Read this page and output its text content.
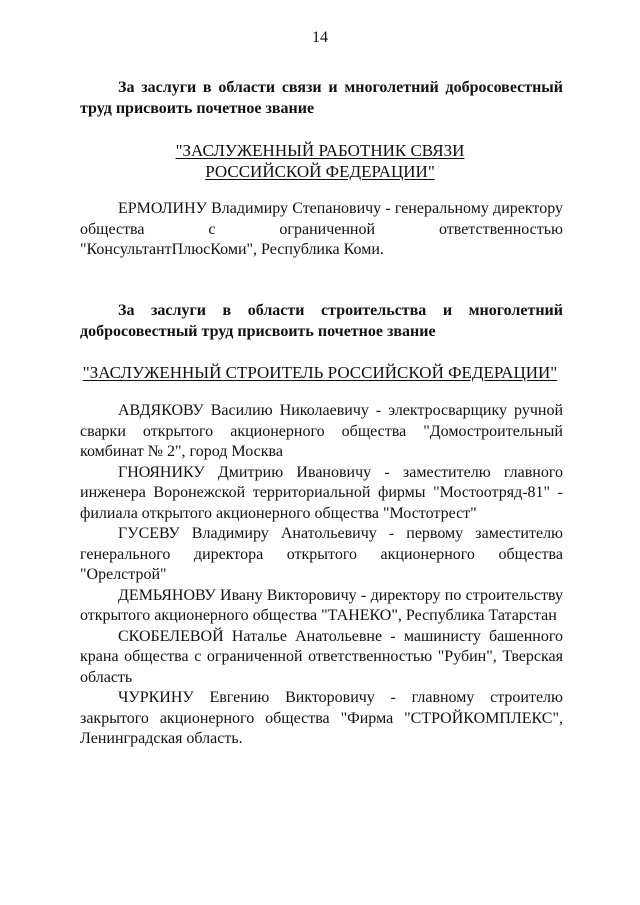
14
За заслуги в области связи и многолетний добросовестный труд присвоить почетное звание
"ЗАСЛУЖЕННЫЙ РАБОТНИК СВЯЗИ
РОССИЙСКОЙ ФЕДЕРАЦИИ"

ЕРМОЛИНУ Владимиру Степановичу - генеральному директору общества с ограниченной ответственностью "КонсультантПлюсКоми", Республика Коми.

За заслуги в области строительства и многолетний добросовестный труд присвоить почетное звание
"ЗАСЛУЖЕННЫЙ СТРОИТЕЛЬ РОССИЙСКОЙ ФЕДЕРАЦИИ"

АВДЯКОВУ Василию Николаевичу - электросварщику ручной сварки открытого акционерного общества "Домостроительный комбинат № 2", город Москва

ГНОЯНИКУ Дмитрию Ивановичу - заместителю главного инженера Воронежской территориальной фирмы "Мостоотряд-81" - филиала открытого акционерного общества "Мостотрест"

ГУСЕВУ Владимиру Анатольевичу - первому заместителю генерального директора открытого акционерного общества "Орелстрой"

ДЕМЬЯНОВУ Ивану Викторовичу - директору по строительству открытого акционерного общества "ТАНЕКО", Республика Татарстан

СКОБЕЛЕВОЙ Наталье Анатольевне - машинисту башенного крана общества с ограниченной ответственностью "Рубин", Тверская область

ЧУРКИНУ Евгению Викторовичу - главному строителю закрытого акционерного общества "Фирма "СТРОЙКОМПЛЕКС", Ленинградская область.
